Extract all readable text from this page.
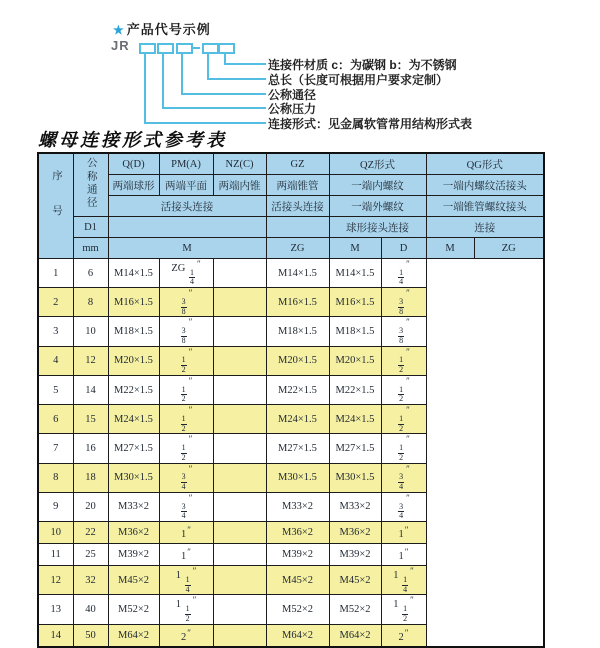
★ 产品代号示例
JR
连接件材质 c：为碳钢 b：为不锈钢
总长（长度可根据用户要求定制）
公称通径
公称压力
连接形式：见金属软管常用结构形式表
螺母连接形式参考表
序号	公称通径	Q(D)	PM(A)	NZ(C)	GZ	QZ形式		QG形式	
		两端球形	两端平面	两端内锥	两端锥管	一端内螺纹		一端内螺纹活接头	
		活接头连接			活接头连接	一端外螺纹		一端锥管螺纹接头	
	D1					球形接头连接		连接	
	mm	M			ZG	M	D	M	ZG
1	6	M14×1.5	ZG
$\frac{1}{4}$
″		M14×1.5	M14×1.5	$\frac{1}{4}$
″		
2	8	M16×1.5	$\frac{3}{8}$
″		M16×1.5	M16×1.5	$\frac{3}{8}$
″		
3	10	M18×1.5	$\frac{3}{8}$
″		M18×1.5	M18×1.5	$\frac{3}{8}$
″		
4	12	M20×1.5	$\frac{1}{2}$
″		M20×1.5	M20×1.5	$\frac{1}{2}$
″		
5	14	M22×1.5	$\frac{1}{2}$
″		M22×1.5	M22×1.5	$\frac{1}{2}$
″		
6	15	M24×1.5	$\frac{1}{2}$
″		M24×1.5	M24×1.5	$\frac{1}{2}$
″		
7	16	M27×1.5	$\frac{1}{2}$
″		M27×1.5	M27×1.5	$\frac{1}{2}$
″		
8	18	M30×1.5	$\frac{3}{4}$
″		M30×1.5	M30×1.5	$\frac{3}{4}$
″		
9	20	M33×2	$\frac{3}{4}$
″		M33×2	M33×2	$\frac{3}{4}$
″		
10	22	M36×2	1″		M36×2	M36×2	1″		
11	25	M39×2	1″		M39×2	M39×2	1″		
12	32	M45×2	1
$\frac{1}{4}$
″		M45×2	M45×2	1
$\frac{1}{4}$
″		
13	40	M52×2	1
$\frac{1}{2}$
″		M52×2	M52×2	1
$\frac{1}{2}$
″		
14	50	M64×2	2″		M64×2	M64×2	2″		
